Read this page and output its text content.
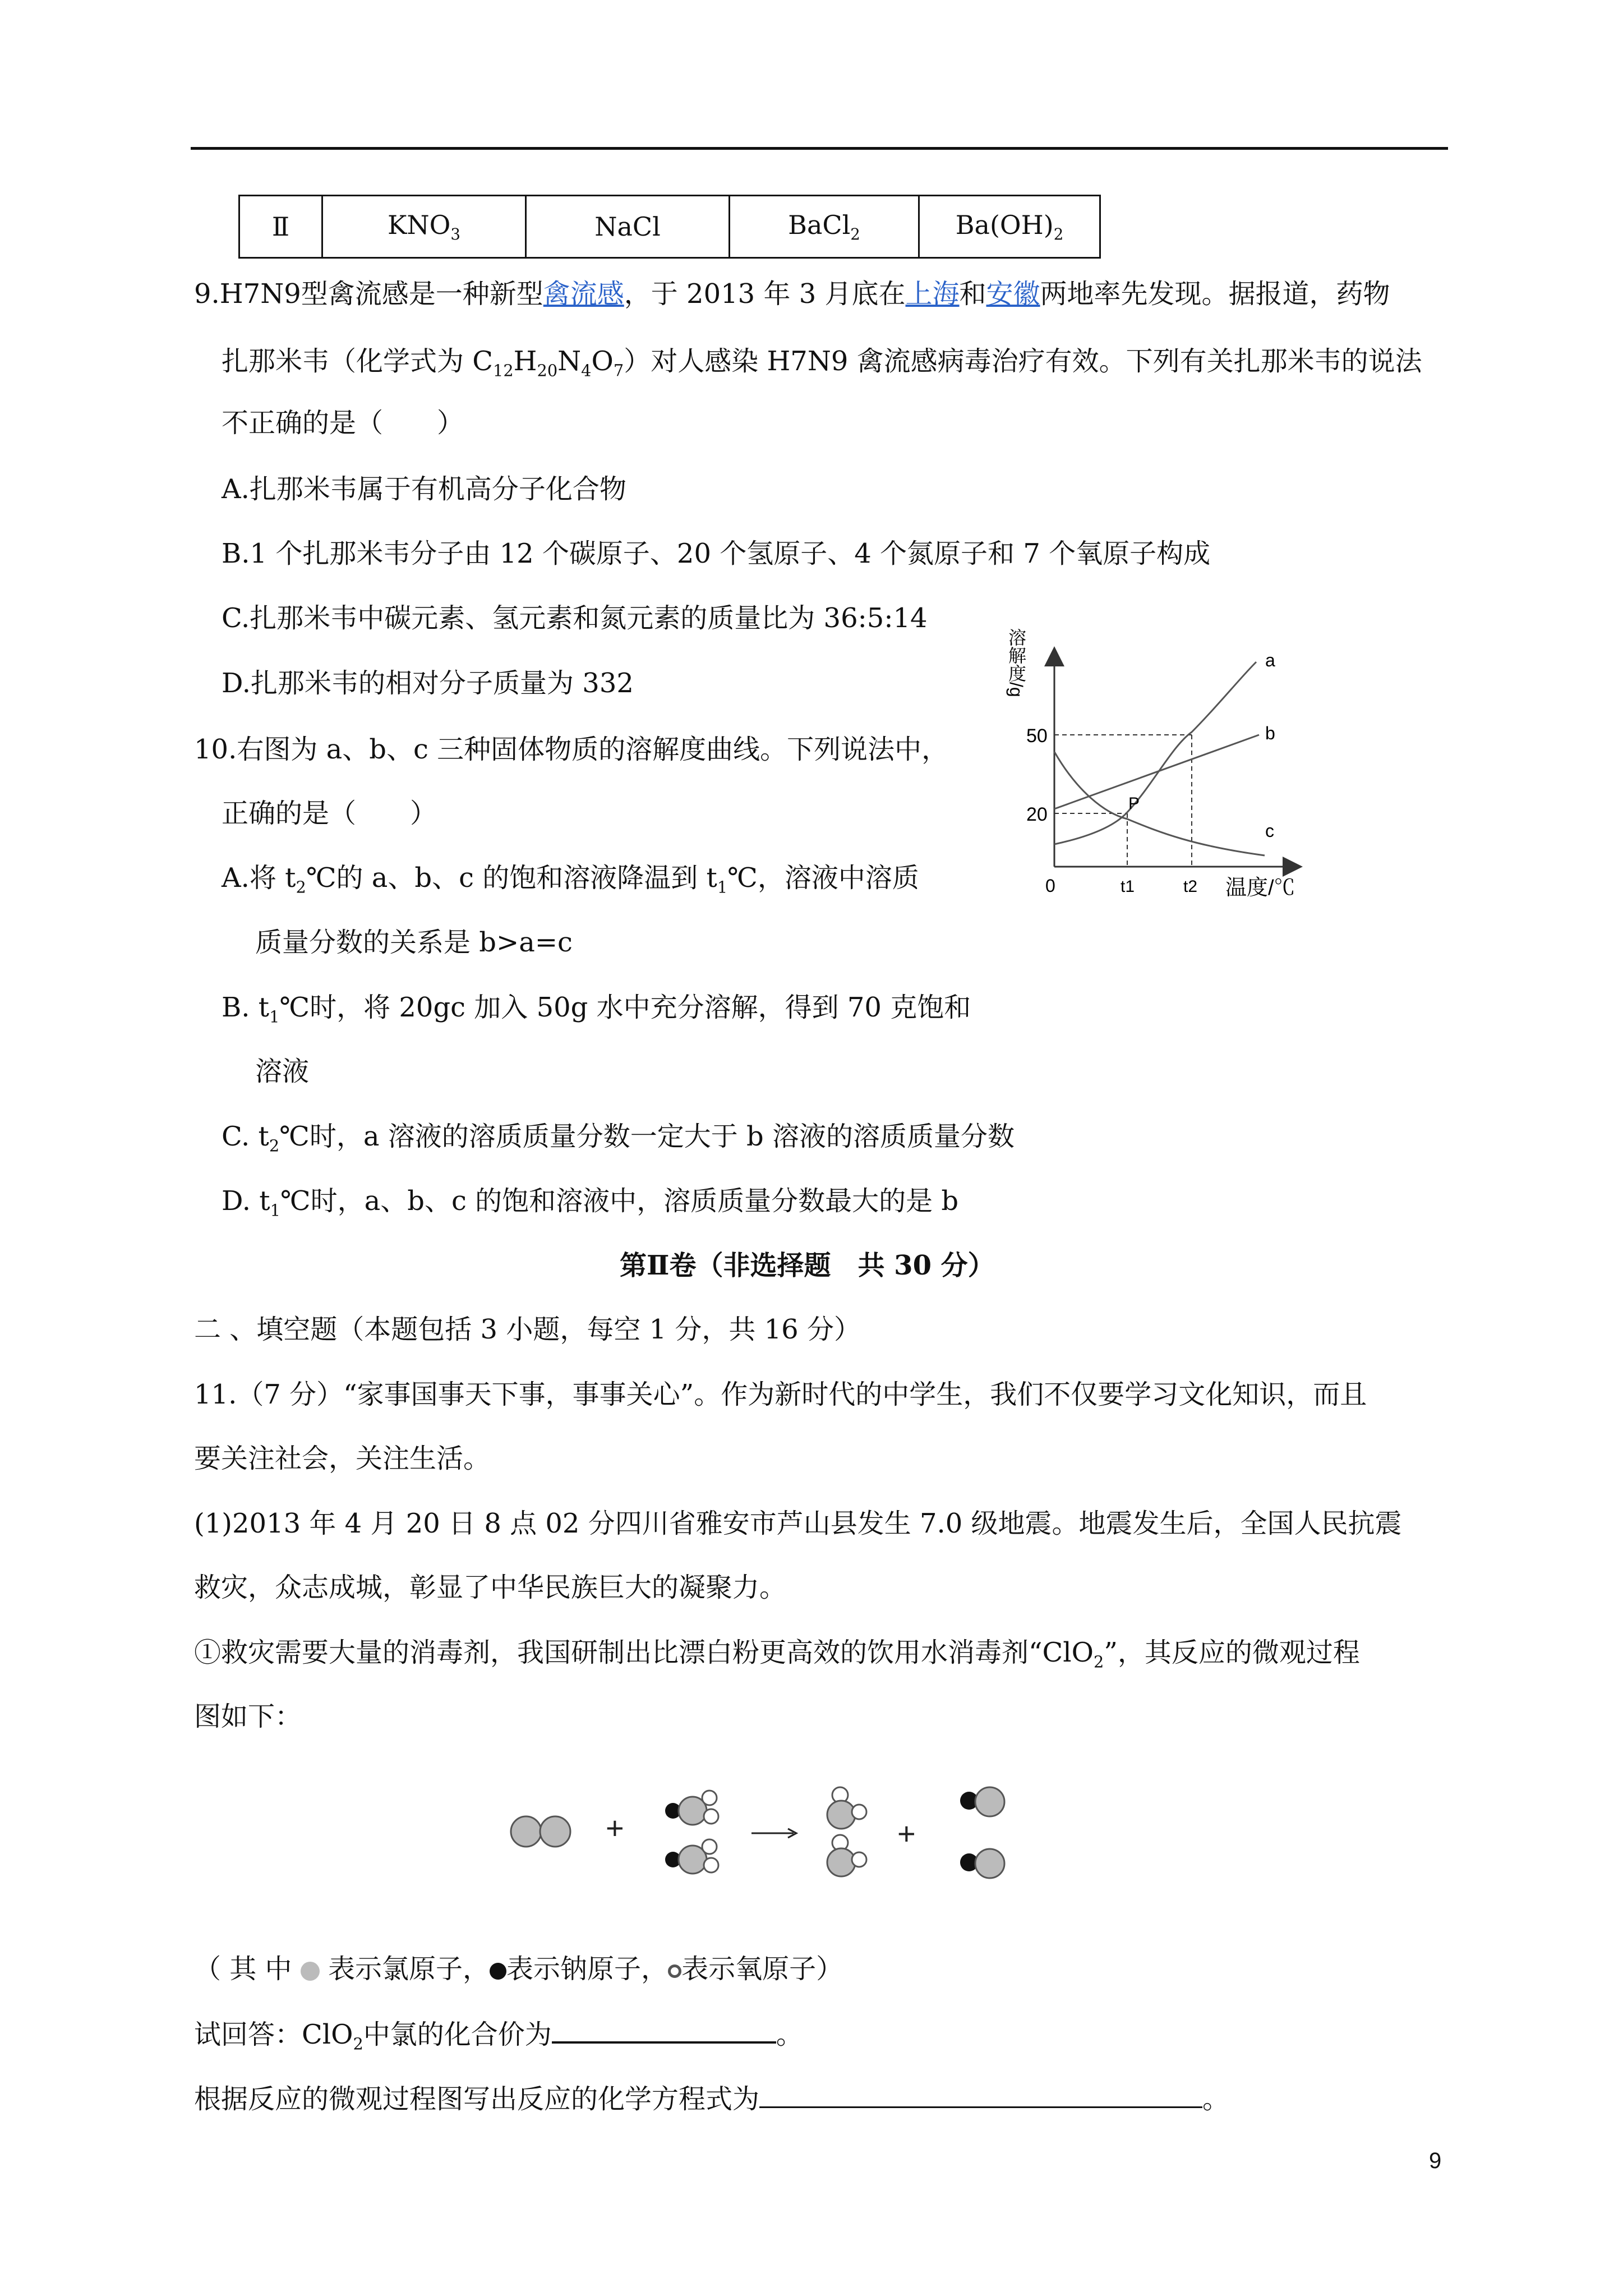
Ⅱ	$KNO_3$	NaCl	BaCl$_2$	$Ba(OH)_2$
9.H7N9型禽流感是一种新型禽流感，于 2013 年 3 月底在上海和安徽两地率先发现。据报道，药物
扎那米韦（化学式为 $C_{12}H_{20}N_4O_7$）对人感染 H7N9 禽流感病毒治疗有效。下列有关扎那米韦的说法
不正确的是（　　）
A.扎那米韦属于有机高分子化合物
B.1 个扎那米韦分子由 12 个碳原子、20 个氢原子、4 个氮原子和 7 个氧原子构成
C.扎那米韦中碳元素、氢元素和氮元素的质量比为 36:5:14
D.扎那米韦的相对分子质量为 332
10.右图为 a、b、c 三种固体物质的溶解度曲线。下列说法中，
正确的是（　　）
A.将 $t_2℃$的 a、b、c 的饱和溶液降温到 $t_1℃$，溶液中溶质
质量分数的关系是 b>a=c
B. $t_1℃$时，将 20gc 加入 50g 水中充分溶解，得到 70 克饱和
溶液
C. $t_2℃$时，a 溶液的溶质质量分数一定大于 b 溶液的溶质质量分数
D. $t_1℃$时，a、b、c 的饱和溶液中，溶质质量分数最大的是 b
溶解度/g
温度/℃
0
50
20
t1	t2
P
a
b
c
第Ⅱ卷（非选择题　共 30 分）
二 、填空题（本题包括 3 小题，每空 1 分，共 16 分）
11.（7 分）“家事国事天下事，事事关心”。作为新时代的中学生，我们不仅要学习文化知识，而且
要关注社会，关注生活。
(1)2013 年 4 月 20 日 8 点 02 分四川省雅安市芦山县发生 7.0 级地震。地震发生后，全国人民抗震
救灾，众志成城，彰显了中华民族巨大的凝聚力。
①救灾需要大量的消毒剂，我国研制出比漂白粉更高效的饮用水消毒剂“ClO$_2$”，其反应的微观过程
图如下：
+	+
（ 其 中  表示氯原子， 表示钠原子， 表示氧原子）
试回答：ClO$_2$中氯的化合价为	。
根据反应的微观过程图写出反应的化学方程式为	。
9
